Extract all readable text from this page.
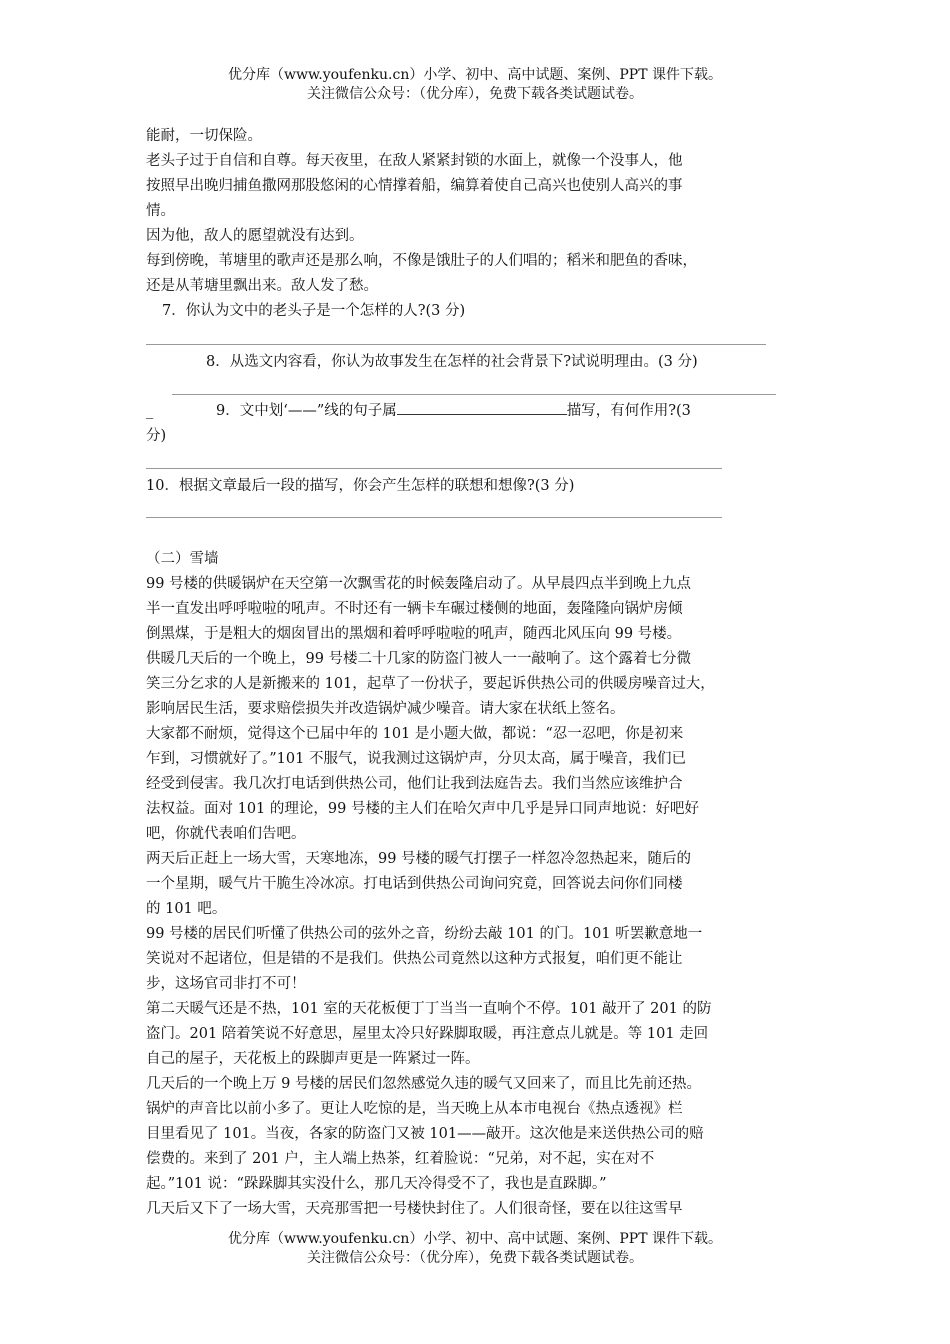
优分库（www.youfenku.cn）小学、初中、高中试题、案例、PPT 课件下载。
关注微信公众号：（优分库），免费下载各类试题试卷。
能耐，一切保险。
老头子过于自信和自尊。每天夜里，在敌人紧紧封锁的水面上，就像一个没事人，他
按照早出晚归捕鱼撒网那股悠闲的心情撑着船，编算着使自己高兴也使别人高兴的事
情。
因为他，敌人的愿望就没有达到。
每到傍晚，苇塘里的歌声还是那么响，不像是饿肚子的人们唱的；稻米和肥鱼的香味，
还是从苇塘里飘出来。敌人发了愁。
7．你认为文中的老头子是一个怎样的人?(3 分)
8．从选文内容看，你认为故事发生在怎样的社会背景下?试说明理由。(3 分)
_	9．文中划‘——”线的句子属	描写，有何作用?(3
分)
10．根据文章最后一段的描写，你会产生怎样的联想和想像?(3 分)
（二）雪墙
99 号楼的供暖锅炉在天空第一次飘雪花的时候轰隆启动了。从早晨四点半到晚上九点
半一直发出呼呼啦啦的吼声。不时还有一辆卡车碾过楼侧的地面，轰隆隆向锅炉房倾
倒黑煤，于是粗大的烟囱冒出的黑烟和着呼呼啦啦的吼声，随西北风压向 99 号楼。
供暖几天后的一个晚上，99 号楼二十几家的防盗门被人一一敲响了。这个露着七分微
笑三分乞求的人是新搬来的 101，起草了一份状子，要起诉供热公司的供暖房噪音过大，
影响居民生活，要求赔偿损失并改造锅炉减少噪音。请大家在状纸上签名。
大家都不耐烦，觉得这个已届中年的 101 是小题大做，都说：“忍一忍吧，你是初来
乍到，习惯就好了。”101 不服气，说我测过这锅炉声，分贝太高，属于噪音，我们已
经受到侵害。我几次打电话到供热公司，他们让我到法庭告去。我们当然应该维护合
法权益。面对 101 的理论，99 号楼的主人们在哈欠声中几乎是异口同声地说：好吧好
吧，你就代表咱们告吧。
两天后正赶上一场大雪，天寒地冻，99 号楼的暖气打摆子一样忽冷忽热起来，随后的
一个星期，暖气片干脆生冷冰凉。打电话到供热公司询问究竟，回答说去问你们同楼
的 101 吧。
99 号楼的居民们听懂了供热公司的弦外之音，纷纷去敲 101 的门。101 听罢歉意地一
笑说对不起诸位，但是错的不是我们。供热公司竟然以这种方式报复，咱们更不能让
步，这场官司非打不可！
第二天暖气还是不热，101 室的天花板便丁丁当当一直响个不停。101 敲开了 201 的防
盗门。201 陪着笑说不好意思，屋里太冷只好跺脚取暖，再注意点儿就是。等 101 走回
自己的屋子，天花板上的跺脚声更是一阵紧过一阵。
几天后的一个晚上万 9 号楼的居民们忽然感觉久违的暖气又回来了，而且比先前还热。
锅炉的声音比以前小多了。更让人吃惊的是，当天晚上从本市电视台《热点透视》栏
目里看见了 101。当夜，各家的防盗门又被 101——敲开。这次他是来送供热公司的赔
偿费的。来到了 201 户，主人端上热茶，红着脸说：“兄弟，对不起，实在对不
起。”101 说：“跺跺脚其实没什么，那几天冷得受不了，我也是直跺脚。”
几天后又下了一场大雪，天亮那雪把一号楼快封住了。人们很奇怪，要在以往这雪早
优分库（www.youfenku.cn）小学、初中、高中试题、案例、PPT 课件下载。
关注微信公众号：（优分库），免费下载各类试题试卷。
